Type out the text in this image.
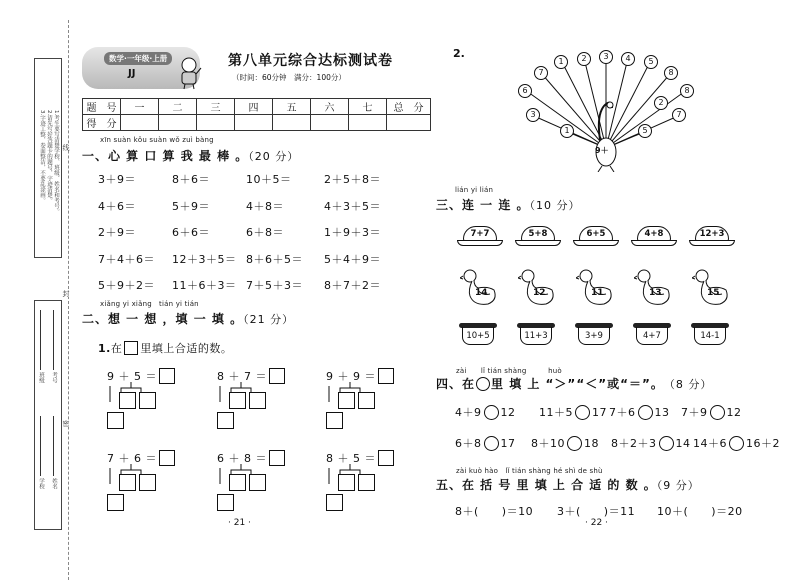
1.考生要写清楚学校、班级、姓名和考号。
2.请先写好答题卡的题号，字迹清楚。
3.字迹工整，卷面整洁，不要乱涂画。
班级 考号
学校 姓名
线
封
密
数学·一年级·上册
JJ
第八单元综合达标测试卷
（时间：60分钟　满分：100分）
题　号	一	二	三	四	五	六	七	总　分
得　分								
xīn suàn kǒu suàn wǒ zuì bàng
一、心 算 口 算 我 最 棒 。（20 分）
3＋9＝	8＋6＝	10＋5＝	2＋5＋8＝
4＋6＝	5＋9＝	4＋8＝	4＋3＋5＝
2＋9＝	6＋6＝	6＋8＝	1＋9＋3＝
7＋4＋6＝	12＋3＋5＝ 8＋6＋5＝	5＋4＋9＝
5＋9＋2＝	11＋6＋3＝ 7＋5＋3＝	8＋7＋2＝
xiǎng yi xiǎng　tián yi tián
二、想 一 想 ，填 一 填 。（21 分）
1. 在 里填上合适的数。
9 ＋ 5 ＝	8 ＋ 7 ＝	9 ＋ 9 ＝
7 ＋ 6 ＝	6 ＋ 8 ＝	8 ＋ 5 ＝
· 21 ·
2.
9＋
6
7
1	2	3	4	5
8
8
3	7
1	5
2
lián yi lián
三、连 一 连 。（10 分）
7+7	5+8	6+5	4+8	12+3
14	12	11	13	15
10+5	11+3	3+9	4+7	14-1
zài　　lǐ tián shàng　　　huò
四、在 里 填 上 “＞”“＜”或“＝”。 （8 分）
4＋9 12 11＋5 17 7＋6 13 7＋9 12
6＋8 17 8＋10 18 8＋2＋3 14 14＋6 16＋2
zài kuò hào　lǐ tián shàng hé shì de shù
五、在 括 号 里 填 上 合 适 的 数 。（9 分）
8＋(　　)＝10	3＋(　　)＝11	10＋(　　)＝20
· 22 ·
